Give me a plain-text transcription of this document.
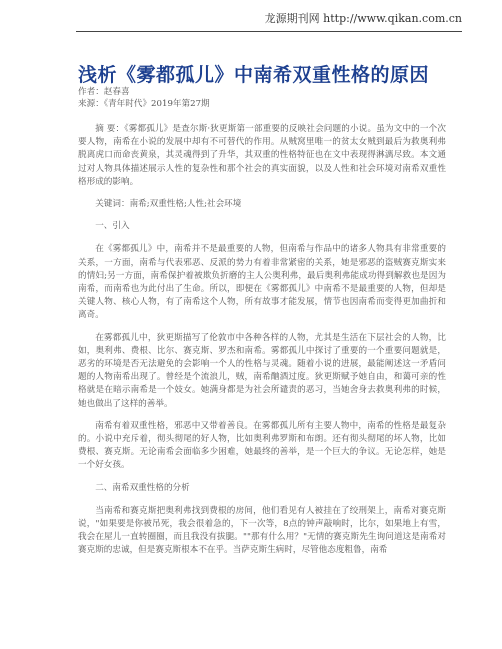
龙源期刊网 http://www.qikan.com.cn
浅析《雾都孤儿》中南希双重性格的原因
作者：赵春喜
来源：《青年时代》2019年第27期

摘 要：《雾都孤儿》是查尔斯·狄更斯第一部重要的反映社会问题的小说。虽为文中的一个次要人物，南希在小说的发展中却有不可替代的作用。从贼窝里唯一的贫太女贼到最后为救奥利弗脱离虎口而命丧黄泉，其灵魂得到了升华，其双重的性格特征也在文中表现得淋漓尽致。本文通过对人物具体描述展示人性的复杂性和那个社会的真实面貌，以及人性和社会环境对南希双重性格形成的影响。

关键词：南希;双重性格;人性;社会环境

一、引入

在《雾都孤儿》中，南希并不是最重要的人物，但南希与作品中的诸多人物具有非常重要的关系，一方面，南希与代表邪恶、反派的势力有着非常紧密的关系，她是邪恶的盗贼赛克斯实来的情妇;另一方面，南希保护着被欺负折磨的主人公奥利弗，最后奥利弗能成功得到解救也是因为南希，而南希也为此付出了生命。所以，即便在《雾都孤儿》中南希不是最重要的人物，但却是关键人物、核心人物，有了南希这个人物，所有故事才能发展，情节也因南希而变得更加曲折和离奇。

在雾都孤儿中，狄更斯描写了伦敦市中各种各样的人物，尤其是生活在下层社会的人物，比如，奥利弗、费根、比尔、赛克斯、罗杰和南希。雾都孤儿中探讨了重要的一个重要问题就是，恶劣的环境是否无法避免的会影响一个人的性格与灵魂。随着小说的进展，最能阐述这一矛盾问题的人物南希出现了。曾经是个流浪儿，贼，南希酗酒过度。狄更斯赋予她自由，和蔼可亲的性格就是在暗示南希是一个妓女。她满身都是为社会所谴责的恶习，当她舍身去救奥利弗的时候，她也做出了这样的善举。

南希有着双重性格，邪恶中又带着善良。在雾都孤儿所有主要人物中，南希的性格是最复杂的。小说中充斥着，彻头彻尾的好人物，比如奥利弗罗斯和布朗。还有彻头彻尾的坏人物，比如费根、赛克斯。无论南希会面临多少困难，她最终的善举，是一个巨大的争议。无论怎样，她是一个好女孩。

二、南希双重性格的分析

当南希和赛克斯把奥利弗找到费根的房间，他们看见有人被挂在了绞刑架上，南希对赛克斯说，"如果要是你被吊死，我会很着急的，下一次等，8点的钟声敲响时，比尔，如果地上有雪，我会在屋儿一直转圈圈，而且我没有拔腿。""那有什么用？"无情的赛克斯先生询问道这是南希对赛克斯的忠诚，但是赛克斯根本不在乎。当萨克斯生病时，尽管他态度粗鲁，南希
